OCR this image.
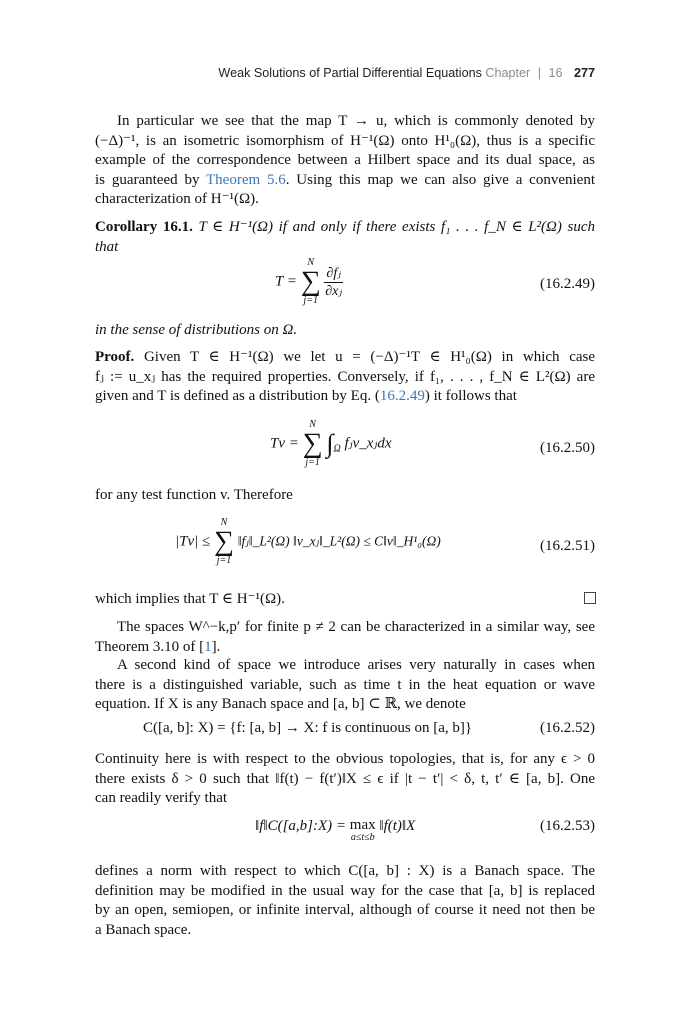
Weak Solutions of Partial Differential Equations Chapter | 16 277
In particular we see that the map T → u, which is commonly denoted by
(−Δ)⁻¹, is an isometric isomorphism of H⁻¹(Ω) onto H¹₀(Ω), thus is a specific
example of the correspondence between a Hilbert space and its dual space, as
is guaranteed by Theorem 5.6. Using this map we can also give a convenient
characterization of H⁻¹(Ω).
Corollary 16.1. T ∈ H⁻¹(Ω) if and only if there exists f₁ . . . f_N ∈ L²(Ω) such
that
T =
N
∑
j=1

$\frac{\text{∂fⱼ}}{\text{∂xⱼ}}$	(16.2.49)
in the sense of distributions on Ω.
Proof. Given T ∈ H⁻¹(Ω) we let u = (−Δ)⁻¹T ∈ H¹₀(Ω) in which case
fⱼ := u_xⱼ has the required properties. Conversely, if f₁, . . . , f_N ∈ L²(Ω) are
given and T is defined as a distribution by Eq. (16.2.49) it follows that
Tv =
N
∑
j=1
$\int_\Omega$ fⱼv_xⱼdx	(16.2.50)
for any test function v. Therefore
|Tv| ≤
N
∑
j=1
‖fⱼ‖_L²(Ω) ‖v_xⱼ‖_L²(Ω) ≤ C‖v‖_H¹₀(Ω)	(16.2.51)
which implies that T ∈ H⁻¹(Ω).
The spaces W^−k,p′ for finite p ≠ 2 can be characterized in a similar way, see
Theorem 3.10 of [1].
A second kind of space we introduce arises very naturally in cases when
there is a distinguished variable, such as time t in the heat equation or wave
equation. If X is any Banach space and [a, b] ⊂ ℝ, we denote
C([a, b]: X) = {f: [a, b] → X: f is continuous on [a, b]}	(16.2.52)
Continuity here is with respect to the obvious topologies, that is, for any ϵ > 0
there exists δ > 0 such that ‖f(t) − f(t′)‖X ≤ ϵ if |t − t′| < δ, t, t′ ∈ [a, b]. One
can readily verify that
‖f‖C([a,b]:X) = max
a≤t≤b
‖f(t)‖X	(16.2.53)
defines a norm with respect to which C([a, b] : X) is a Banach space. The
definition may be modified in the usual way for the case that [a, b] is replaced
by an open, semiopen, or infinite interval, although of course it need not then be
a Banach space.
